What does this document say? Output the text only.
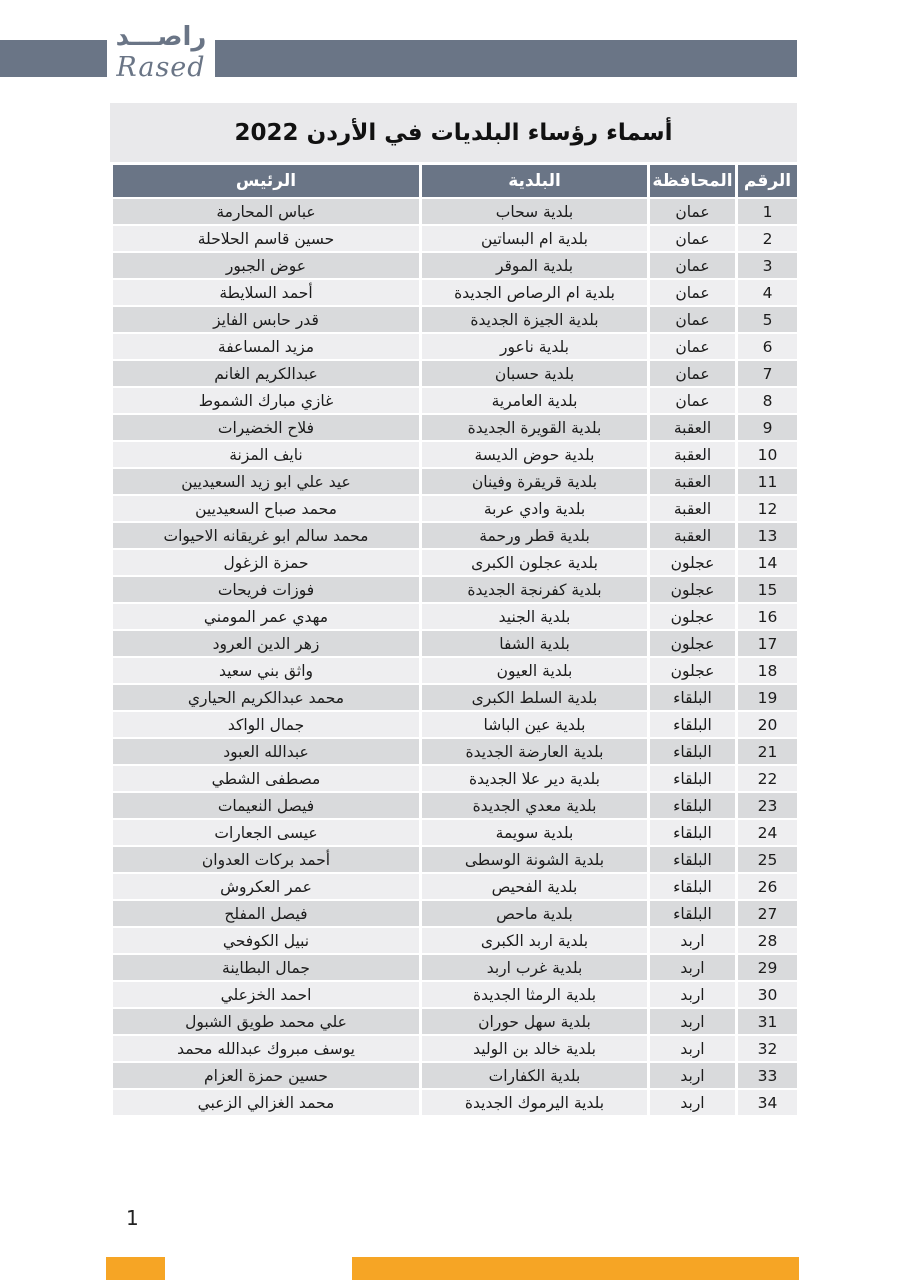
راصـــد
Rased
أسماء رؤساء البلديات في الأردن 2022
الرقم	المحافظة	البلدية	الرئيس
1	عمان	بلدية سحاب	عباس المحارمة
2	عمان	بلدية ام البساتين	حسين قاسم الحلاحلة
3	عمان	بلدية الموقر	عوض الجبور
4	عمان	بلدية ام الرصاص الجديدة	أحمد السلايطة
5	عمان	بلدية الجيزة الجديدة	قدر حابس الفايز
6	عمان	بلدية ناعور	مزيد المساعفة
7	عمان	بلدية حسبان	عبدالكريم الغانم
8	عمان	بلدية العامرية	غازي مبارك الشموط
9	العقبة	بلدية القويرة الجديدة	فلاح الخضيرات
10	العقبة	بلدية حوض الديسة	نايف المزنة
11	العقبة	بلدية قريقرة وفينان	عيد علي ابو زيد السعيديين
12	العقبة	بلدية وادي عربة	محمد صباح السعيديين
13	العقبة	بلدية قطر ورحمة	محمد سالم ابو غريقانه الاحيوات
14	عجلون	بلدية عجلون الكبرى	حمزة الزغول
15	عجلون	بلدية كفرنجة الجديدة	فوزات فريحات
16	عجلون	بلدية الجنيد	مهدي عمر المومني
17	عجلون	بلدية الشفا	زهر الدين العرود
18	عجلون	بلدية العيون	واثق بني سعيد
19	البلقاء	بلدية السلط الكبرى	محمد عبدالكريم الحياري
20	البلقاء	بلدية عين الباشا	جمال الواكد
21	البلقاء	بلدية العارضة الجديدة	عبدالله العبود
22	البلقاء	بلدية دير علا الجديدة	مصطفى الشطي
23	البلقاء	بلدية معدي الجديدة	فيصل النعيمات
24	البلقاء	بلدية سويمة	عيسى الجعارات
25	البلقاء	بلدية الشونة الوسطى	أحمد بركات العدوان
26	البلقاء	بلدية الفحيص	عمر العكروش
27	البلقاء	بلدية ماحص	فيصل المفلح
28	اربد	بلدية اربد الكبرى	نبيل الكوفحي
29	اربد	بلدية غرب اربد	جمال البطاينة
30	اربد	بلدية الرمثا الجديدة	احمد الخزعلي
31	اربد	بلدية سهل حوران	علي محمد طويق الشبول
32	اربد	بلدية خالد بن الوليد	يوسف مبروك عبدالله محمد
33	اربد	بلدية الكفارات	حسين حمزة العزام
34	اربد	بلدية اليرموك الجديدة	محمد الغزالي الزعبي
1
